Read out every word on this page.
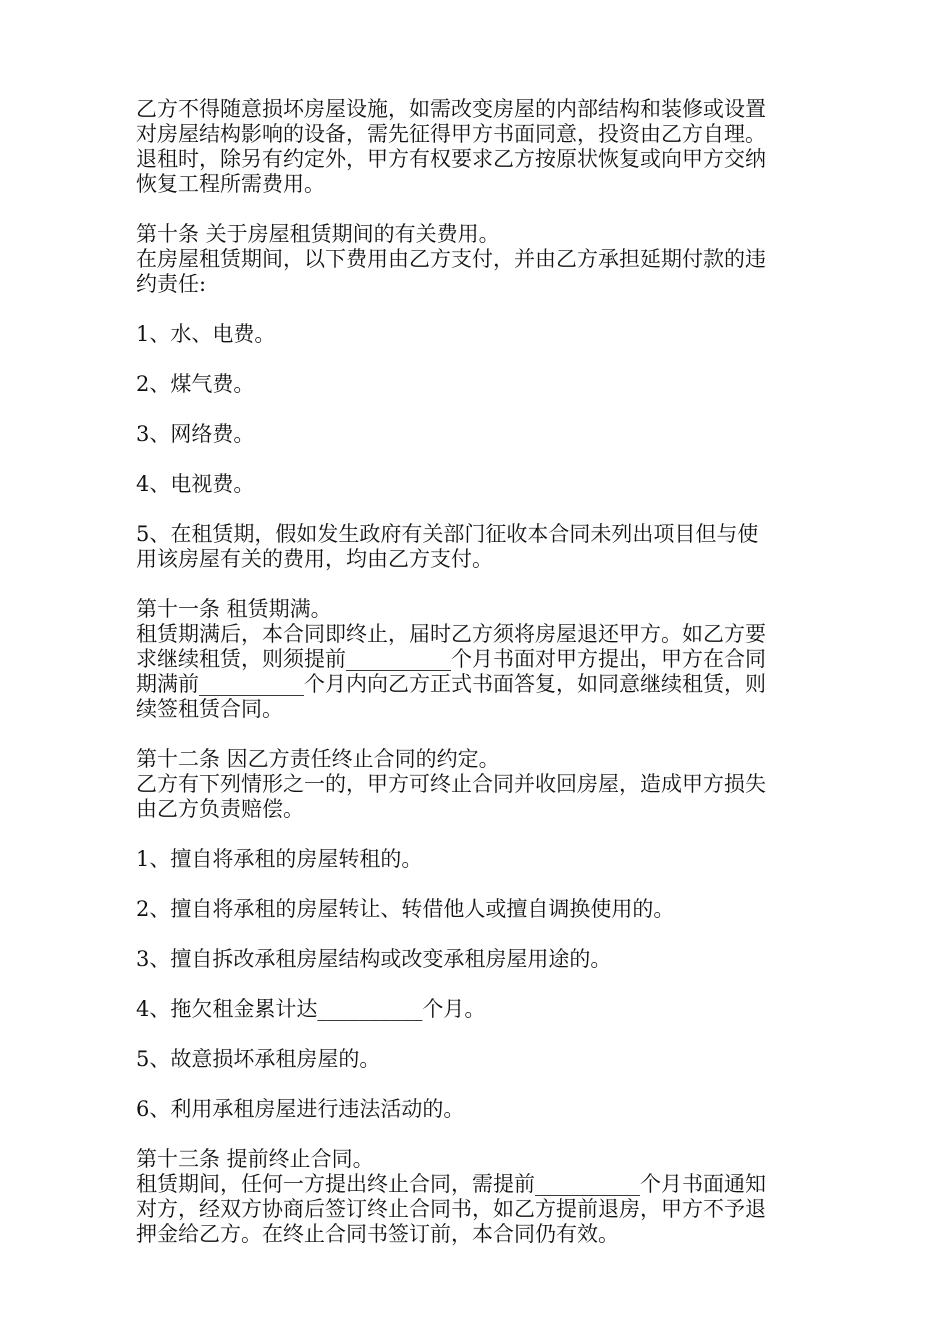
乙方不得随意损坏房屋设施，如需改变房屋的内部结构和装修或设置

对房屋结构影响的设备，需先征得甲方书面同意，投资由乙方自理。

退租时，除另有约定外，甲方有权要求乙方按原状恢复或向甲方交纳

恢复工程所需费用。

第十条 关于房屋租赁期间的有关费用。

在房屋租赁期间，以下费用由乙方支付，并由乙方承担延期付款的违

约责任:

1、水、电费。

2、煤气费。

3、网络费。

4、电视费。

5、在租赁期，假如发生政府有关部门征收本合同未列出项目但与使

用该房屋有关的费用，均由乙方支付。

第十一条 租赁期满。

租赁期满后，本合同即终止，届时乙方须将房屋退还甲方。如乙方要

求继续租赁，则须提前__________个月书面对甲方提出，甲方在合同

期满前__________个月内向乙方正式书面答复，如同意继续租赁，则

续签租赁合同。

第十二条 因乙方责任终止合同的约定。

乙方有下列情形之一的，甲方可终止合同并收回房屋，造成甲方损失

由乙方负责赔偿。

1、擅自将承租的房屋转租的。

2、擅自将承租的房屋转让、转借他人或擅自调换使用的。

3、擅自拆改承租房屋结构或改变承租房屋用途的。

4、拖欠租金累计达__________个月。

5、故意损坏承租房屋的。

6、利用承租房屋进行违法活动的。

第十三条 提前终止合同。

租赁期间，任何一方提出终止合同，需提前__________个月书面通知

对方，经双方协商后签订终止合同书，如乙方提前退房，甲方不予退

押金给乙方。在终止合同书签订前，本合同仍有效。
